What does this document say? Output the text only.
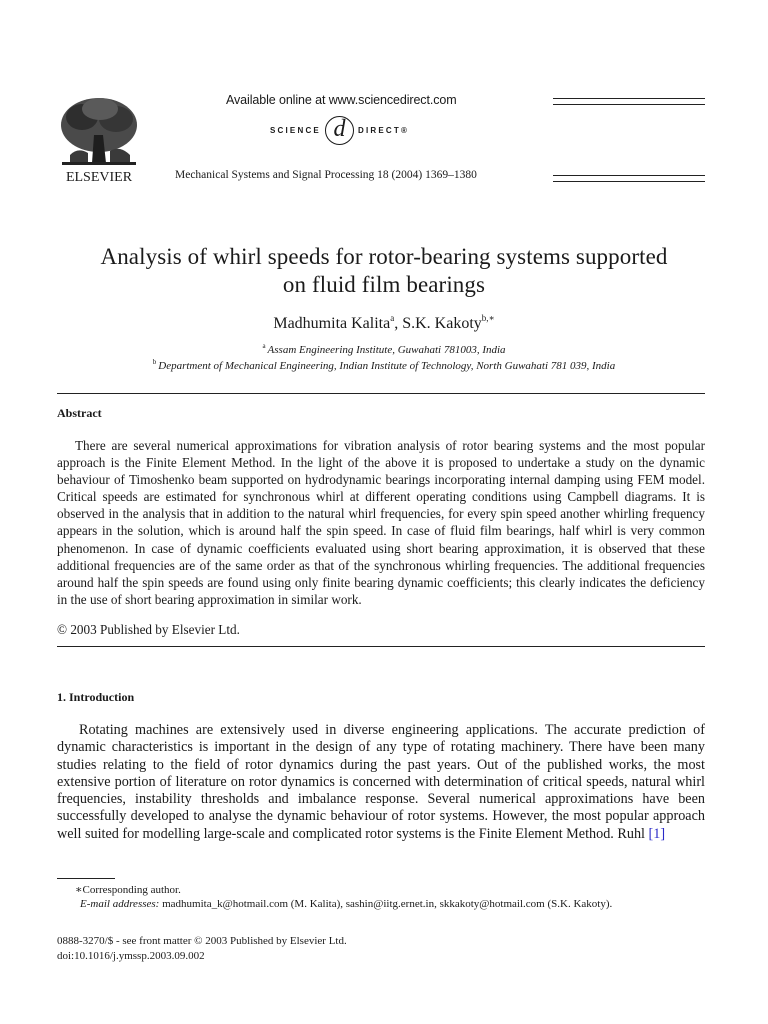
ELSEVIER
Available online at www.sciencedirect.com
SCIENCE d	DIRECT®
Mechanical Systems and Signal Processing 18 (2004) 1369–1380
Analysis of whirl speeds for rotor-bearing systems supported
on fluid film bearings
Madhumita Kalita$^a$, S.K. Kakoty$^{b,∗}$
$^a$ Assam Engineering Institute, Guwahati 781003, India
$^b$ Department of Mechanical Engineering, Indian Institute of Technology, North Guwahati 781 039, India
Abstract
There are several numerical approximations for vibration analysis of rotor bearing systems and the most popular approach is the Finite Element Method. In the light of the above it is proposed to undertake a study on the dynamic behaviour of Timoshenko beam supported on hydrodynamic bearings incorporating internal damping using FEM model. Critical speeds are estimated for synchronous whirl at different operating conditions using Campbell diagrams. It is observed in the analysis that in addition to the natural whirl frequencies, for every spin speed another whirling frequency appears in the solution, which is around half the spin speed. In case of fluid film bearings, half whirl is very common phenomenon. In case of dynamic coefficients evaluated using short bearing approximation, it is observed that these additional frequencies are of the same order as that of the synchronous whirling frequencies. The additional frequencies around half the spin speeds are found using only finite bearing dynamic coefficients; this clearly indicates the deficiency in the use of short bearing approximation in similar work.
© 2003 Published by Elsevier Ltd.
1. Introduction
Rotating machines are extensively used in diverse engineering applications. The accurate prediction of dynamic characteristics is important in the design of any type of rotating machinery. There have been many studies relating to the field of rotor dynamics during the past years. Out of the published works, the most extensive portion of literature on rotor dynamics is concerned with determination of critical speeds, natural whirl frequencies, instability thresholds and imbalance response. Several numerical approximations have been successfully developed to analyse the dynamic behaviour of rotor systems. However, the most popular approach well suited for modelling large-scale and complicated rotor systems is the Finite Element Method. Ruhl [1]
∗Corresponding author.
E-mail addresses: madhumita_k@hotmail.com (M. Kalita), sashin@iitg.ernet.in, skkakoty@hotmail.com (S.K. Kakoty).
0888-3270/$ - see front matter © 2003 Published by Elsevier Ltd.
doi:10.1016/j.ymssp.2003.09.002
